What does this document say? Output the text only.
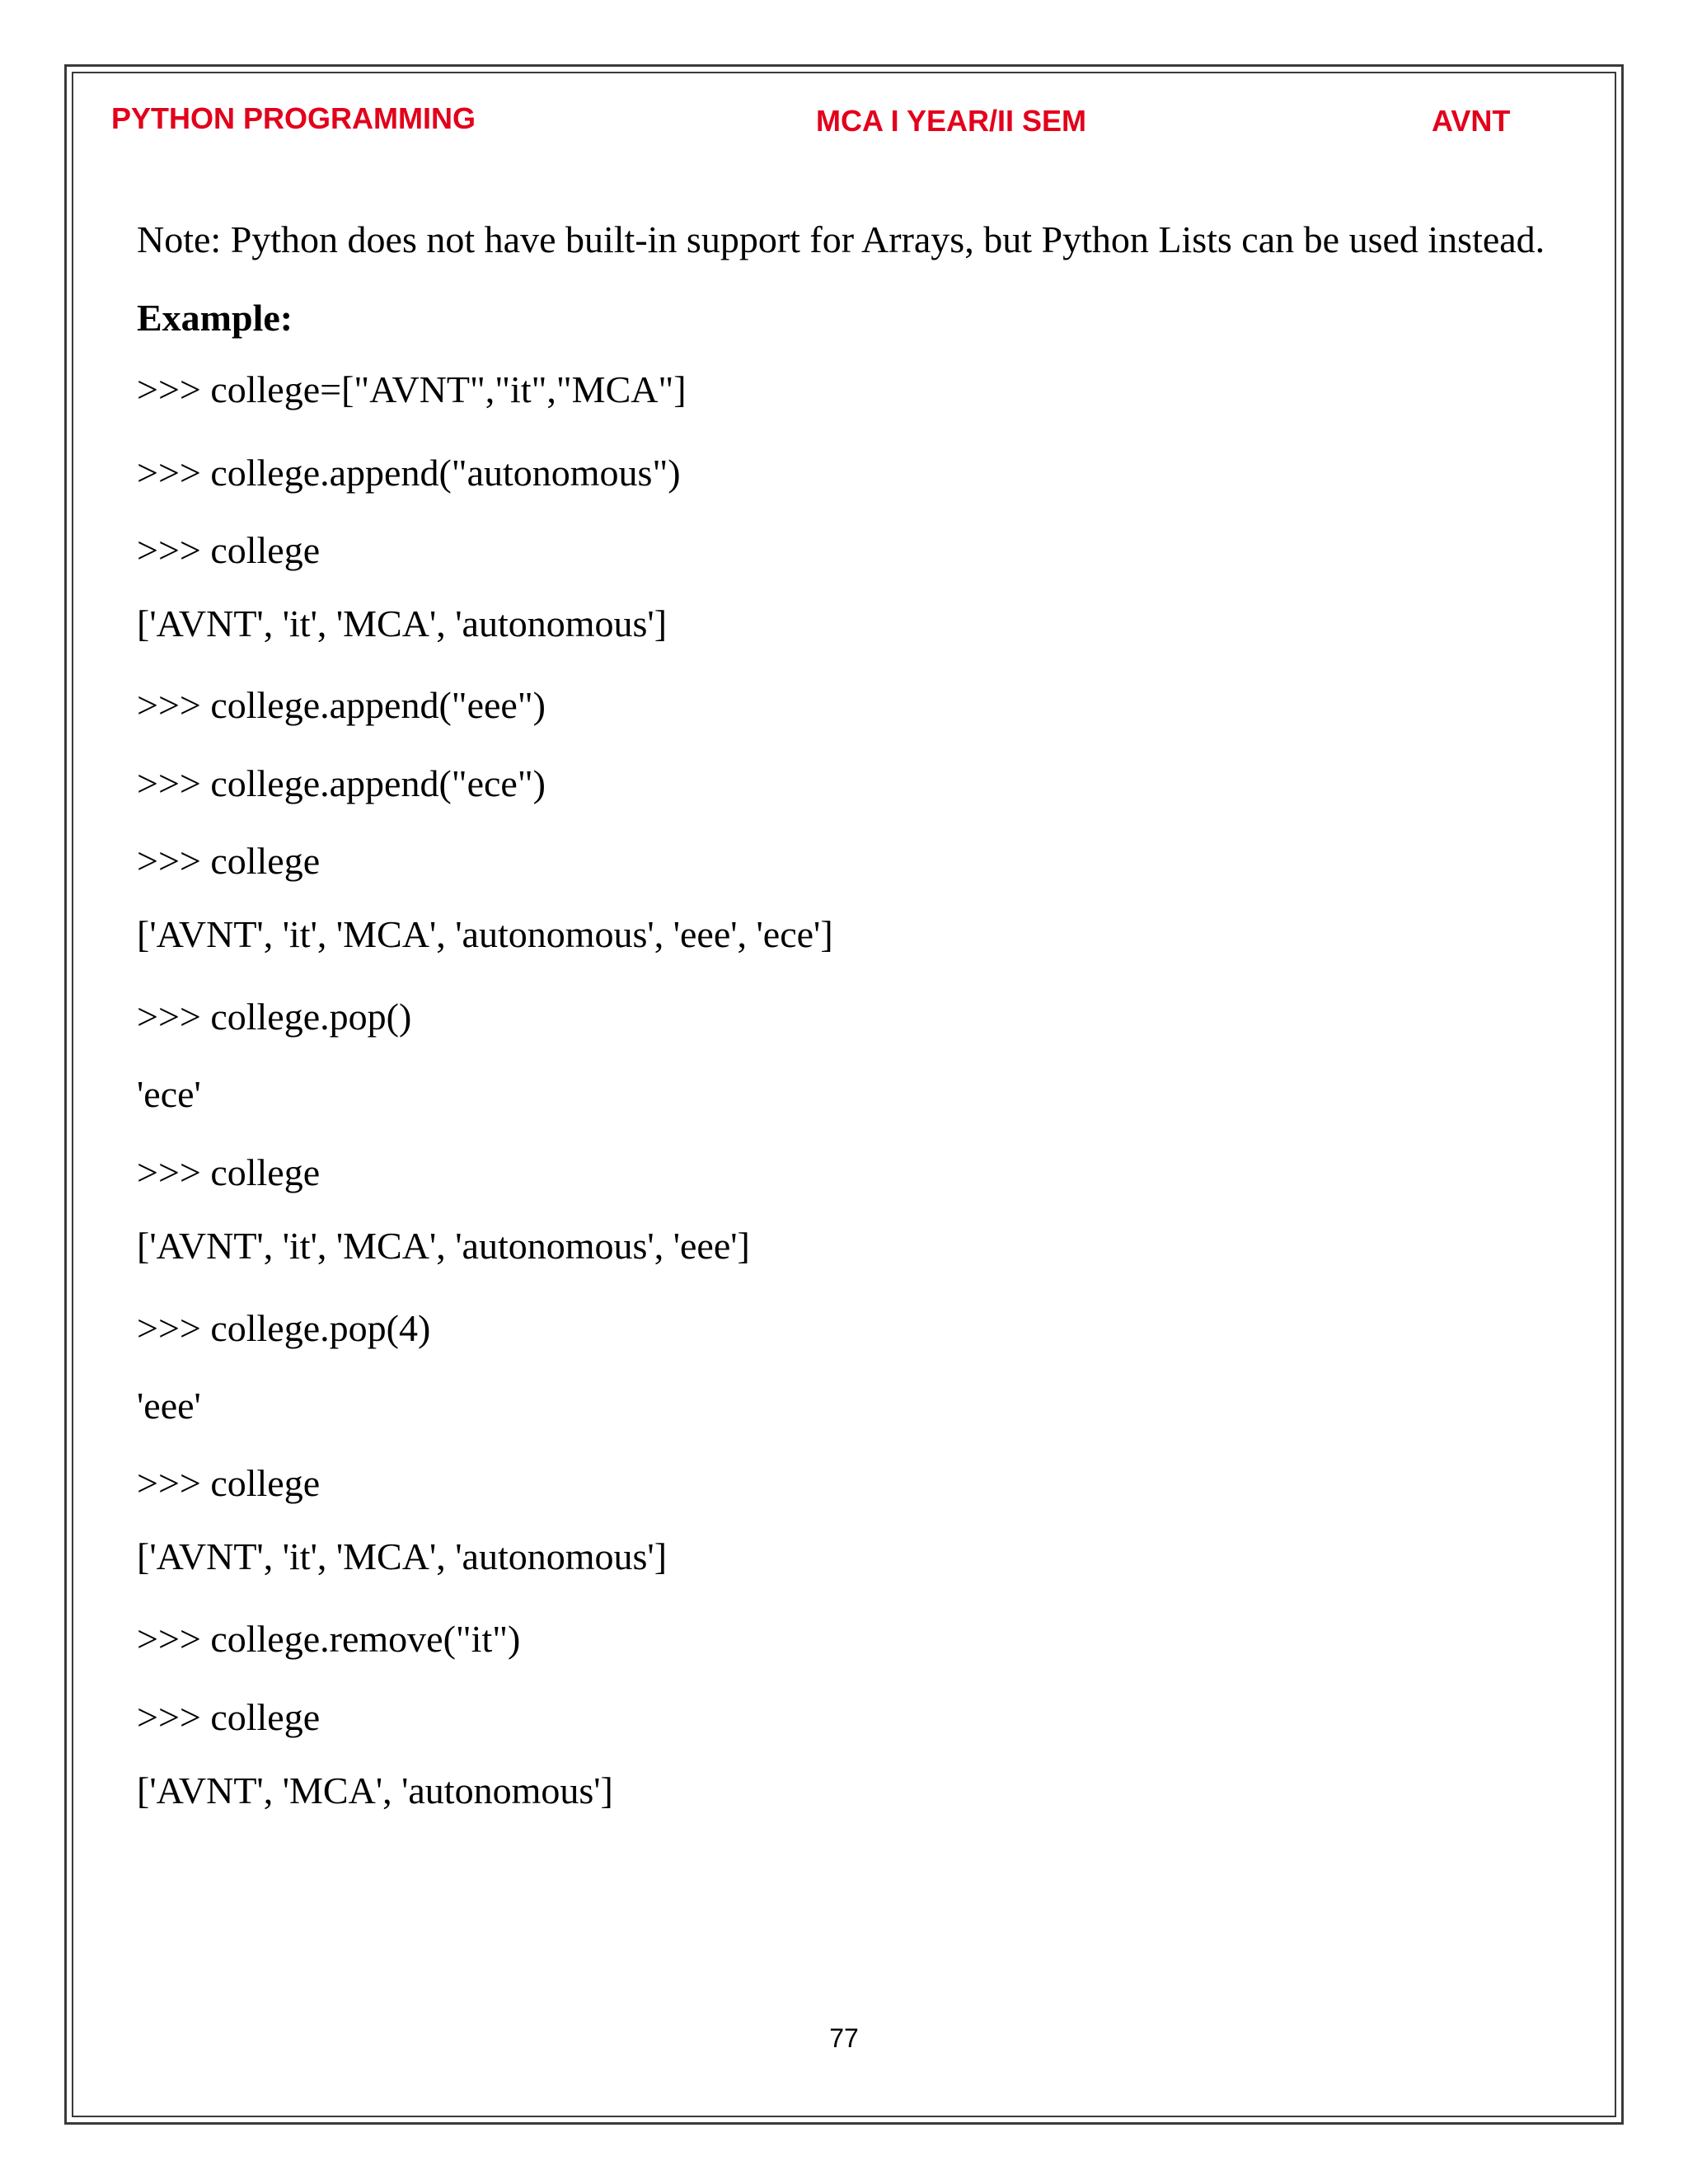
PYTHON PROGRAMMING	MCA I YEAR/II SEM	AVNT
Note: Python does not have built-in support for Arrays, but Python Lists can be used instead.
Example:
>>> college=["AVNT","it","MCA"]
>>> college.append("autonomous")
>>> college
['AVNT', 'it', 'MCA', 'autonomous']
>>> college.append("eee")
>>> college.append("ece")
>>> college
['AVNT', 'it', 'MCA', 'autonomous', 'eee', 'ece']
>>> college.pop()
'ece'
>>> college
['AVNT', 'it', 'MCA', 'autonomous', 'eee']
>>> college.pop(4)
'eee'
>>> college
['AVNT', 'it', 'MCA', 'autonomous']
>>> college.remove("it")
>>> college
['AVNT', 'MCA', 'autonomous']
77
